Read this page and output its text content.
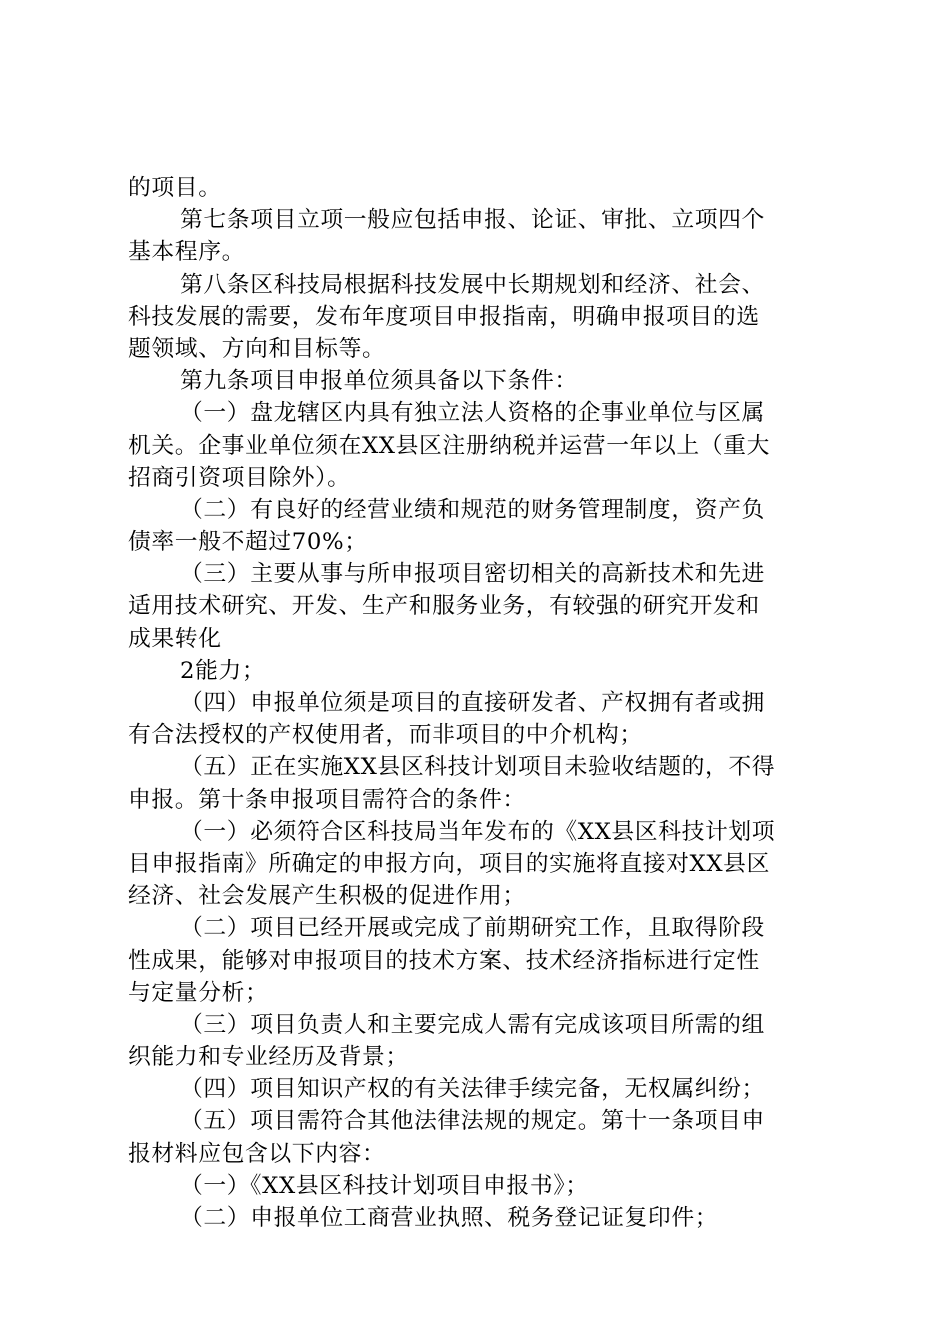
的项目。
第七条项目立项一般应包括申报、论证、审批、立项四个
基本程序。
第八条区科技局根据科技发展中长期规划和经济、社会、
科技发展的需要，发布年度项目申报指南，明确申报项目的选
题领域、方向和目标等。
第九条项目申报单位须具备以下条件：
（一）盘龙辖区内具有独立法人资格的企事业单位与区属
机关。企事业单位须在XX县区注册纳税并运营一年以上（重大
招商引资项目除外）。
（二）有良好的经营业绩和规范的财务管理制度，资产负
债率一般不超过70%；
（三）主要从事与所申报项目密切相关的高新技术和先进
适用技术研究、开发、生产和服务业务，有较强的研究开发和
成果转化
2能力；
（四）申报单位须是项目的直接研发者、产权拥有者或拥
有合法授权的产权使用者，而非项目的中介机构；
（五）正在实施XX县区科技计划项目未验收结题的，不得
申报。第十条申报项目需符合的条件：
（一）必须符合区科技局当年发布的《XX县区科技计划项
目申报指南》所确定的申报方向，项目的实施将直接对XX县区
经济、社会发展产生积极的促进作用；
（二）项目已经开展或完成了前期研究工作，且取得阶段
性成果，能够对申报项目的技术方案、技术经济指标进行定性
与定量分析；
（三）项目负责人和主要完成人需有完成该项目所需的组
织能力和专业经历及背景；
（四）项目知识产权的有关法律手续完备，无权属纠纷；
（五）项目需符合其他法律法规的规定。第十一条项目申
报材料应包含以下内容：
（一）《XX县区科技计划项目申报书》；
（二）申报单位工商营业执照、税务登记证复印件；
